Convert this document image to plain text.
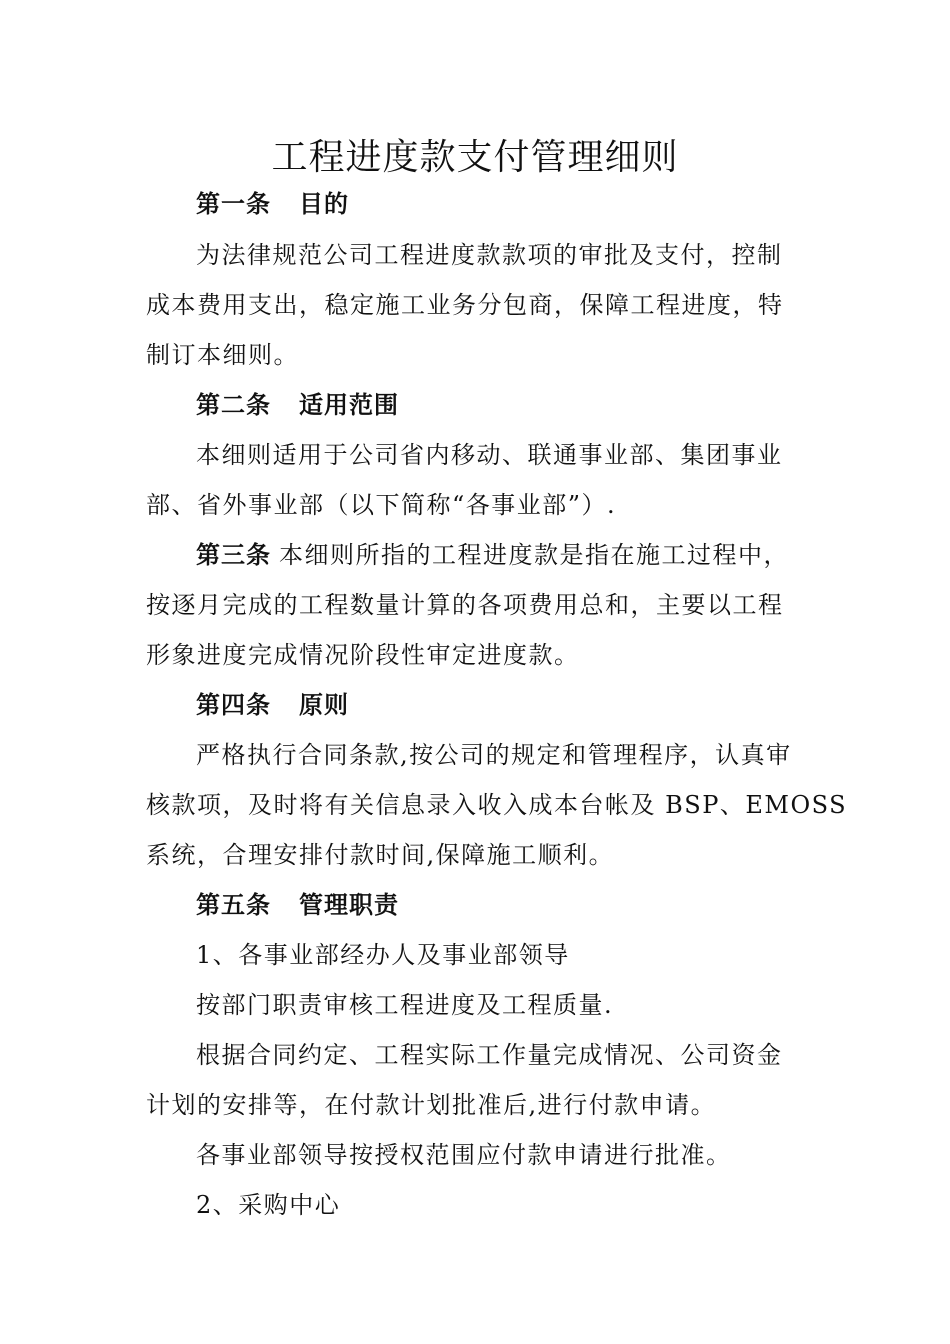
工程进度款支付管理细则
第一条 目的
为法律规范公司工程进度款款项的审批及支付，控制
成本费用支出，稳定施工业务分包商，保障工程进度，特
制订本细则。
第二条 适用范围
本细则适用于公司省内移动、联通事业部、集团事业
部、省外事业部（以下简称“各事业部”）.
第三条 本细则所指的工程进度款是指在施工过程中，
按逐月完成的工程数量计算的各项费用总和，主要以工程
形象进度完成情况阶段性审定进度款。
第四条 原则
严格执行合同条款,按公司的规定和管理程序，认真审
核款项，及时将有关信息录入收入成本台帐及 BSP、EMOSS
系统，合理安排付款时间,保障施工顺利。
第五条 管理职责
1、各事业部经办人及事业部领导
按部门职责审核工程进度及工程质量.
根据合同约定、工程实际工作量完成情况、公司资金
计划的安排等，在付款计划批准后,进行付款申请。
各事业部领导按授权范围应付款申请进行批准。
2、采购中心
